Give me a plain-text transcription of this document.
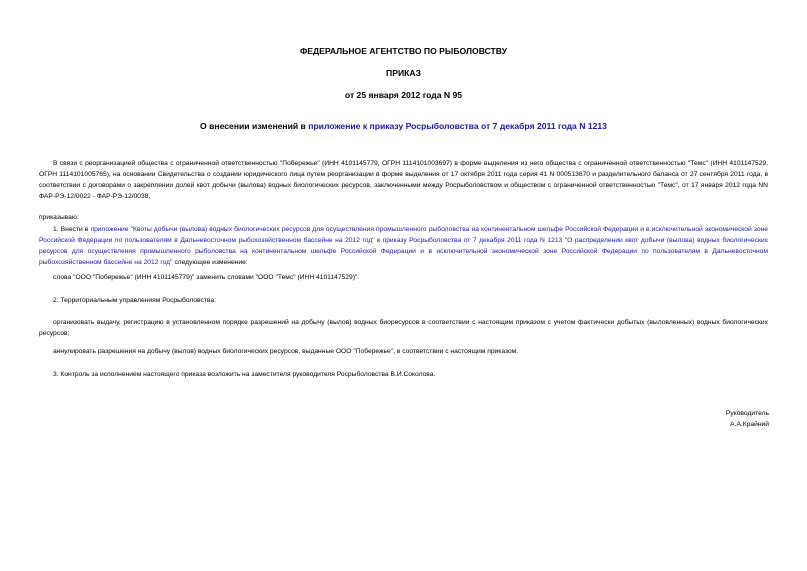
ФЕДЕРАЛЬНОЕ АГЕНТСТВО ПО РЫБОЛОВСТВУ
ПРИКАЗ
от 25 января 2012 года N 95
О внесении изменений в приложение к приказу Росрыболовства от 7 декабря 2011 года N 1213
В связи с реорганизацией общества с ограниченной ответственностью "Побережье" (ИНН 4101145779, ОГРН 1114101003697) в форме выделения из него общества с ограниченной ответственностью "Темс" (ИНН 4101147529, ОГРН 1114101005765), на основании Свидетельства о создании юридического лица путем реорганизации в форме выделения от 17 октября 2011 года серия 41 N 000513670 и разделительного баланса от 27 сентября 2011 года, в соответствии с договорами о закреплении долей квот добычи (вылова) водных биологических ресурсов, заключенными между Росрыболовством и обществом с ограниченной ответственностью "Темс", от 17 января 2012 года NN ФАР-РЭ-12/0022 - ФАР-РЭ-12/0038,
приказываю:
1. Внести в приложение "Квоты добычи (вылова) водных биологических ресурсов для осуществления промышленного рыболовства на континентальном шельфе Российской Федерации и в исключительной экономической зоне Российской Федерации по пользователям в Дальневосточном рыбохозяйственном бассейне на 2012 год" к приказу Росрыболовства от 7 декабря 2011 года N 1213 "О распределении квот добычи (вылова) водных биологических ресурсов для осуществления промышленного рыболовства на континентальном шельфе Российской Федерации и в исключительной экономической зоне Российской Федерации по пользователям в Дальневосточном рыбохозяйственном бассейне на 2012 год" следующее изменение:
слова "ООО "Побережье" (ИНН 4101145779)" заменить словами "ООО "Темс" (ИНН 4101147529)".
2. Территориальным управлениям Росрыболовства:
организовать выдачу, регистрацию в установленном порядке разрешений на добычу (вылов) водных биоресурсов в соответствии с настоящим приказом с учетом фактически добытых (выловленных) водных биологических ресурсов;
аннулировать разрешения на добычу (вылов) водных биологических ресурсов, выданные ООО "Побережье", в соответствии с настоящим приказом.
3. Контроль за исполнением настоящего приказа возложить на заместителя руководителя Росрыболовства В.И.Соколова.
Руководитель
А.А.Крайний
